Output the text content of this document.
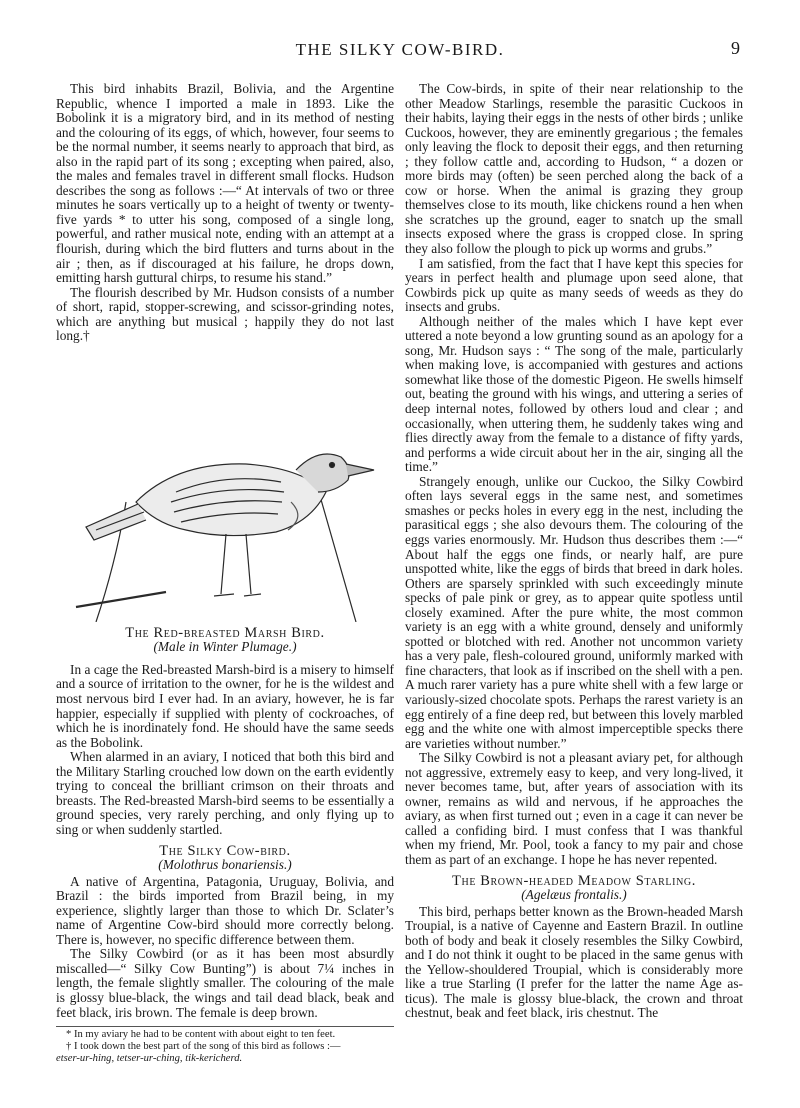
THE SILKY COW-BIRD.	9

This bird inhabits Brazil, Bolivia, and the Argentine Republic, whence I imported a male in 1893. Like the Bobolink it is a migratory bird, and in its method of nesting and the colouring of its eggs, of which, however, four seems to be the normal number, it seems nearly to approach that bird, as also in the rapid part of its song ; excepting when paired, also, the males and females travel in different small flocks. Hudson describes the song as follows :—“ At intervals of two or three minutes he soars vertically up to a height of twenty or twenty-five yards * to utter his song, composed of a single long, powerful, and rather musical note, ending with an attempt at a flourish, during which the bird flutters and turns about in the air ; then, as if discouraged at his failure, he drops down, emitting harsh guttural chirps, to resume his stand.”

The flourish described by Mr. Hudson consists of a number of short, rapid, stopper-screwing, and scissor-grinding notes, which are anything but musical ; happily they do not last long.†

The Red-breasted Marsh Bird.

(Male in Winter Plumage.)

In a cage the Red-breasted Marsh-bird is a misery to himself and a source of irritation to the owner, for he is the wildest and most nervous bird I ever had. In an aviary, however, he is far happier, especially if supplied with plenty of cockroaches, of which he is inordinately fond. He should have the same seeds as the Bobolink.

When alarmed in an aviary, I noticed that both this bird and the Military Starling crouched low down on the earth evidently trying to conceal the brilliant crimson on their throats and breasts. The Red-breasted Marsh-bird seems to be essentially a ground species, very rarely perching, and only flying up to sing or when suddenly startled.

The Silky Cow-bird.

(Molothrus bonariensis.)

A native of Argentina, Patagonia, Uruguay, Bolivia, and Brazil : the birds imported from Brazil being, in my experience, slightly larger than those to which Dr. Sclater’s name of Argentine Cow-bird should more correctly belong. There is, however, no specific difference between them.

The Silky Cowbird (or as it has been most absurdly miscalled—“ Silky Cow Bunting”) is about 7¼ inches in length, the female slightly smaller. The colouring of the male is glossy blue-black, the wings and tail dead black, beak and feet black, iris brown. The female is deep brown.

* In my aviary he had to be content with about eight to ten feet.

† I took down the best part of the song of this bird as follows :—

etser-ur-hing, tetser-ur-ching, tik-kericherd.

The Cow-birds, in spite of their near relationship to the other Meadow Starlings, resemble the parasitic Cuckoos in their habits, laying their eggs in the nests of other birds ; unlike Cuckoos, however, they are eminently gregarious ; the females only leaving the flock to deposit their eggs, and then returning ; they follow cattle and, according to Hudson, “ a dozen or more birds may (often) be seen perched along the back of a cow or horse. When the animal is grazing they group themselves close to its mouth, like chickens round a hen when she scratches up the ground, eager to snatch up the small insects exposed where the grass is cropped close. In spring they also follow the plough to pick up worms and grubs.”

I am satisfied, from the fact that I have kept this species for years in perfect health and plumage upon seed alone, that Cowbirds pick up quite as many seeds of weeds as they do insects and grubs.

Although neither of the males which I have kept ever uttered a note beyond a low grunting sound as an apology for a song, Mr. Hudson says : “ The song of the male, particularly when making love, is accompanied with gestures and actions somewhat like those of the domestic Pigeon. He swells himself out, beating the ground with his wings, and uttering a series of deep internal notes, followed by others loud and clear ; and occasionally, when uttering them, he suddenly takes wing and flies directly away from the female to a distance of fifty yards, and performs a wide circuit about her in the air, singing all the time.”

Strangely enough, unlike our Cuckoo, the Silky Cowbird often lays several eggs in the same nest, and sometimes smashes or pecks holes in every egg in the nest, including the parasitical eggs ; she also devours them. The colouring of the eggs varies enormously. Mr. Hudson thus describes them :—“ About half the eggs one finds, or nearly half, are pure unspotted white, like the eggs of birds that breed in dark holes. Others are sparsely sprinkled with such exceedingly minute specks of pale pink or grey, as to appear quite spotless until closely examined. After the pure white, the most common variety is an egg with a white ground, densely and uniformly spotted or blotched with red. Another not uncommon variety has a very pale, flesh-coloured ground, uniformly marked with fine characters, that look as if inscribed on the shell with a pen. A much rarer variety has a pure white shell with a few large or variously-sized chocolate spots. Perhaps the rarest variety is an egg entirely of a fine deep red, but between this lovely marbled egg and the white one with almost imperceptible specks there are varieties without number.”

The Silky Cowbird is not a pleasant aviary pet, for although not aggressive, extremely easy to keep, and very long-lived, it never becomes tame, but, after years of association with its owner, remains as wild and nervous, if he approaches the aviary, as when first turned out ; even in a cage it can never be called a confiding bird. I must confess that I was thankful when my friend, Mr. Pool, took a fancy to my pair and chose them as part of an exchange. I hope he has never repented.

The Brown-headed Meadow Starling.

(Agelæus frontalis.)

This bird, perhaps better known as the Brown-headed Marsh Troupial, is a native of Cayenne and Eastern Brazil. In outline both of body and beak it closely resembles the Silky Cowbird, and I do not think it ought to be placed in the same genus with the Yellow-shouldered Troupial, which is considerably more like a true Starling (I prefer for the latter the name Age as-ticus). The male is glossy blue-black, the crown and throat chestnut, beak and feet black, iris chestnut. The
